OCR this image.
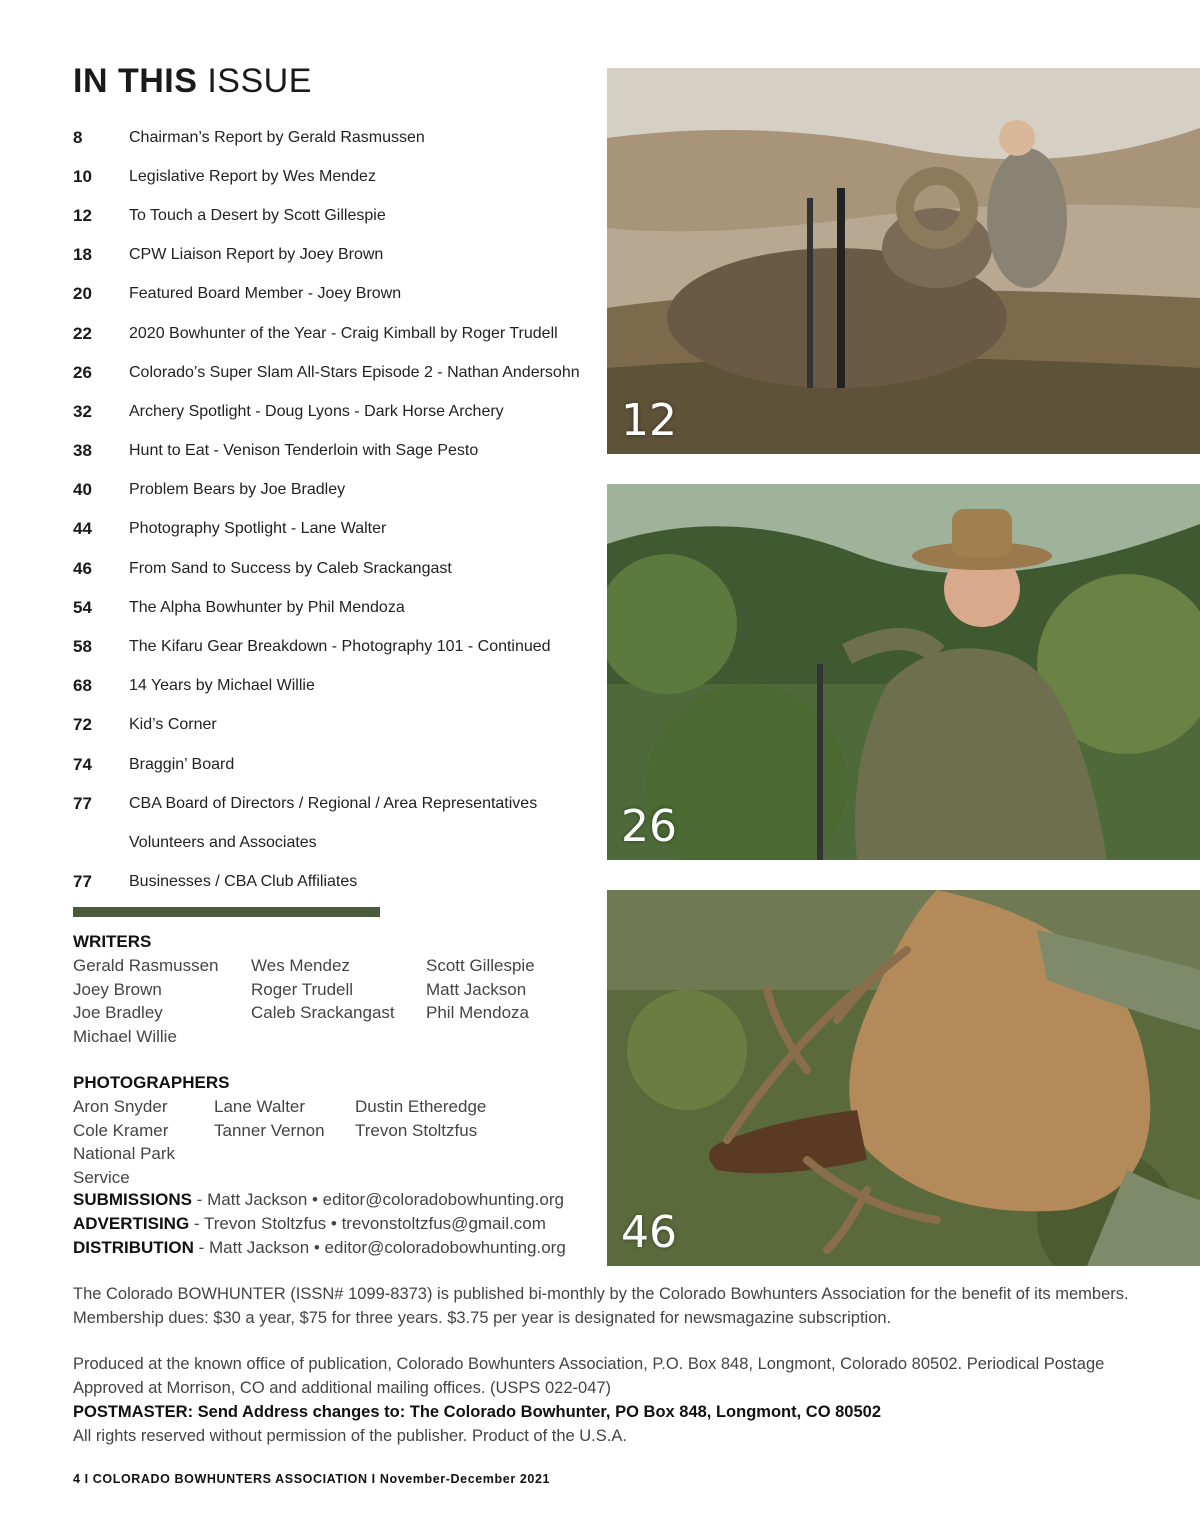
IN THIS ISSUE
8	Chairman’s Report by Gerald Rasmussen
10	Legislative Report by Wes Mendez
12	To Touch a Desert by Scott Gillespie
18	CPW Liaison Report by Joey Brown
20	Featured Board Member - Joey Brown
22	2020 Bowhunter of the Year - Craig Kimball by Roger Trudell
26	Colorado’s Super Slam All-Stars Episode 2 - Nathan Andersohn
32	Archery Spotlight - Doug Lyons - Dark Horse Archery
38	Hunt to Eat - Venison Tenderloin with Sage Pesto
40	Problem Bears by Joe Bradley
44	Photography Spotlight - Lane Walter
46	From Sand to Success by Caleb Srackangast
54	The Alpha Bowhunter by Phil Mendoza
58	The Kifaru Gear Breakdown - Photography 101 - Continued
68	14 Years by Michael Willie
72	Kid’s Corner
74	Braggin’ Board
77	CBA Board of Directors / Regional / Area Representatives
Volunteers and Associates
77	Businesses / CBA Club Affiliates
WRITERS
Gerald Rasmussen	Wes Mendez	Scott Gillespie
Joey Brown	Roger Trudell	Matt Jackson
Joe Bradley	Caleb Srackangast	Phil Mendoza
Michael Willie
PHOTOGRAPHERS
Aron Snyder	Lane Walter	Dustin Etheredge
Cole Kramer	Tanner Vernon	Trevon Stoltzfus
National Park Service
SUBMISSIONS - Matt Jackson • editor@coloradobowhunting.org
ADVERTISING - Trevon Stoltzfus • trevonstoltzfus@gmail.com
DISTRIBUTION - Matt Jackson • editor@coloradobowhunting.org

The Colorado BOWHUNTER (ISSN# 1099-8373) is published bi-monthly by the Colorado Bowhunters Association for the benefit of its members. Membership dues: $30 a year, $75 for three years. $3.75 per year is designated for newsmagazine subscription.

Produced at the known office of publication, Colorado Bowhunters Association, P.O. Box 848, Longmont, Colorado 80502. Periodical Postage Approved at Morrison, CO and additional mailing offices. (USPS 022-047)
POSTMASTER: Send Address changes to: The Colorado Bowhunter, PO Box 848, Longmont, CO 80502
All rights reserved without permission of the publisher. Product of the U.S.A.
4 I COLORADO BOWHUNTERS ASSOCIATION I November-December 2021
12
26
46
